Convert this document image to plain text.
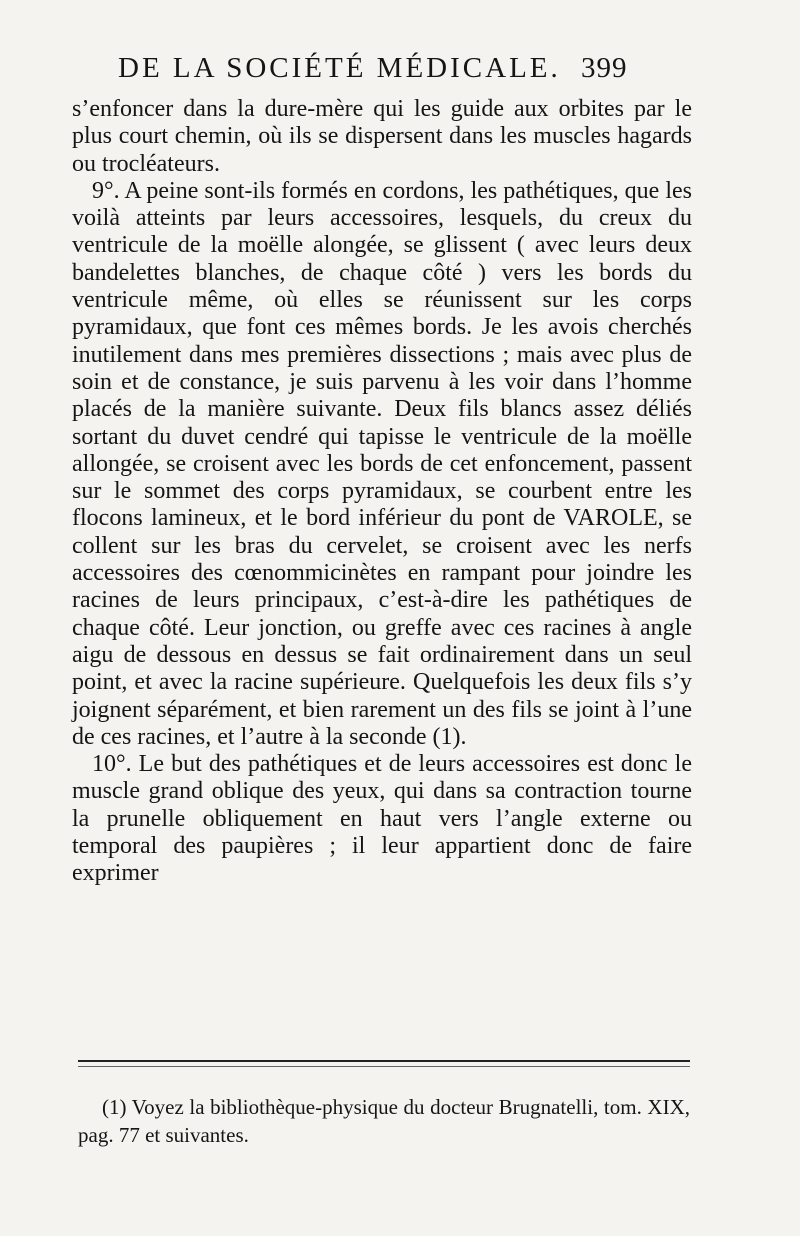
DE LA SOCIÉTÉ MÉDICALE. 399

s’enfoncer dans la dure-mère qui les guide aux orbites par le plus court chemin, où ils se dispersent dans les muscles hagards ou trocléateurs.

9°. A peine sont-ils formés en cordons, les pathétiques, que les voilà atteints par leurs accessoires, lesquels, du creux du ventricule de la moëlle alongée, se glissent ( avec leurs deux bandelettes blanches, de chaque côté ) vers les bords du ventricule même, où elles se réunissent sur les corps pyramidaux, que font ces mêmes bords. Je les avois cherchés inutilement dans mes premières dissections ; mais avec plus de soin et de constance, je suis parvenu à les voir dans l’homme placés de la manière suivante. Deux fils blancs assez déliés sortant du duvet cendré qui tapisse le ventricule de la moëlle allongée, se croisent avec les bords de cet enfoncement, passent sur le sommet des corps pyramidaux, se courbent entre les flocons lamineux, et le bord inférieur du pont de VAROLE, se collent sur les bras du cervelet, se croisent avec les nerfs accessoires des cœnommicinètes en rampant pour joindre les racines de leurs principaux, c’est-à-dire les pathétiques de chaque côté. Leur jonction, ou greffe avec ces racines à angle aigu de dessous en dessus se fait ordinairement dans un seul point, et avec la racine supérieure. Quelquefois les deux fils s’y joignent séparément, et bien rarement un des fils se joint à l’une de ces racines, et l’autre à la seconde (1).

10°. Le but des pathétiques et de leurs accessoires est donc le muscle grand oblique des yeux, qui dans sa contraction tourne la prunelle obliquement en haut vers l’angle externe ou temporal des paupières ; il leur appartient donc de faire exprimer

(1) Voyez la bibliothèque-physique du docteur Brugnatelli, tom. XIX, pag. 77 et suivantes.
